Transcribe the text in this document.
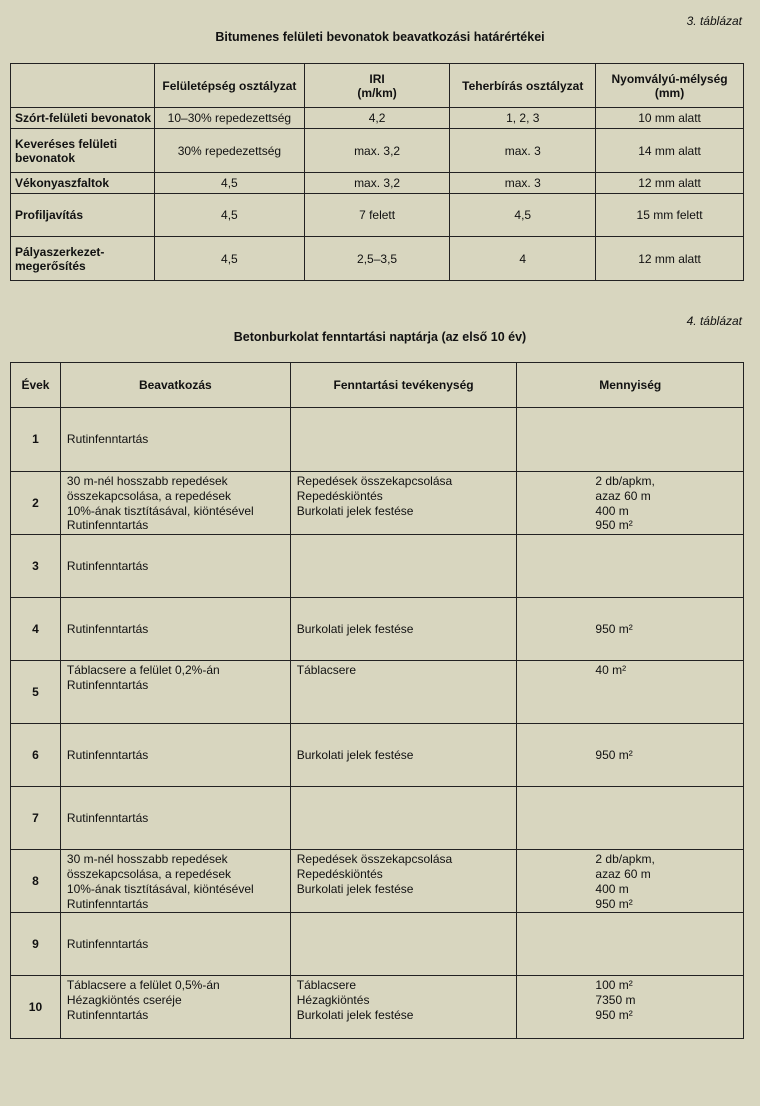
3. táblázat
Bitumenes felületi bevonatok beavatkozási határértékei
	Felületépség osztályzat	IRI
(m/km)	Teherbírás osztályzat	Nyomvályú-mélység
(mm)

Szórt-felületi bevonatok	10–30% repedezettség	4,2	1, 2, 3	10 mm alatt

Keveréses felületi
bevonatok	30% repedezettség	max. 3,2	max. 3	14 mm alatt

Vékonyaszfaltok	4,5	max. 3,2	max. 3	12 mm alatt

Profiljavítás	4,5	7 felett	4,5	15 mm felett

Pályaszerkezet-
megerősítés	4,5	2,5–3,5	4	12 mm alatt
4. táblázat
Betonburkolat fenntartási naptárja (az első 10 év)
Évek	Beavatkozás	Fenntartási tevékenység	Mennyiség
1	Rutinfenntartás		

2	30 m-nél hosszabb repedések
összekapcsolása, a repedések
10%-ának tisztításával, kiöntésével
Rutinfenntartás	Repedések összekapcsolása
Repedéskiöntés
Burkolati jelek festése	2 db/apkm,
azaz 60 m
400 m
950 m²

3	Rutinfenntartás		

4	Rutinfenntartás	Burkolati jelek festése	950 m²

5	Táblacsere a felület 0,2%-án
Rutinfenntartás	Táblacsere	40 m²

6	Rutinfenntartás	Burkolati jelek festése	950 m²

7	Rutinfenntartás		

8	30 m-nél hosszabb repedések
összekapcsolása, a repedések
10%-ának tisztításával, kiöntésével
Rutinfenntartás	Repedések összekapcsolása
Repedéskiöntés
Burkolati jelek festése	2 db/apkm,
azaz 60 m
400 m
950 m²

9	Rutinfenntartás		

10	Táblacsere a felület 0,5%-án
Hézagkiöntés cseréje
Rutinfenntartás	Táblacsere
Hézagkiöntés
Burkolati jelek festése	100 m²
7350 m
950 m²
